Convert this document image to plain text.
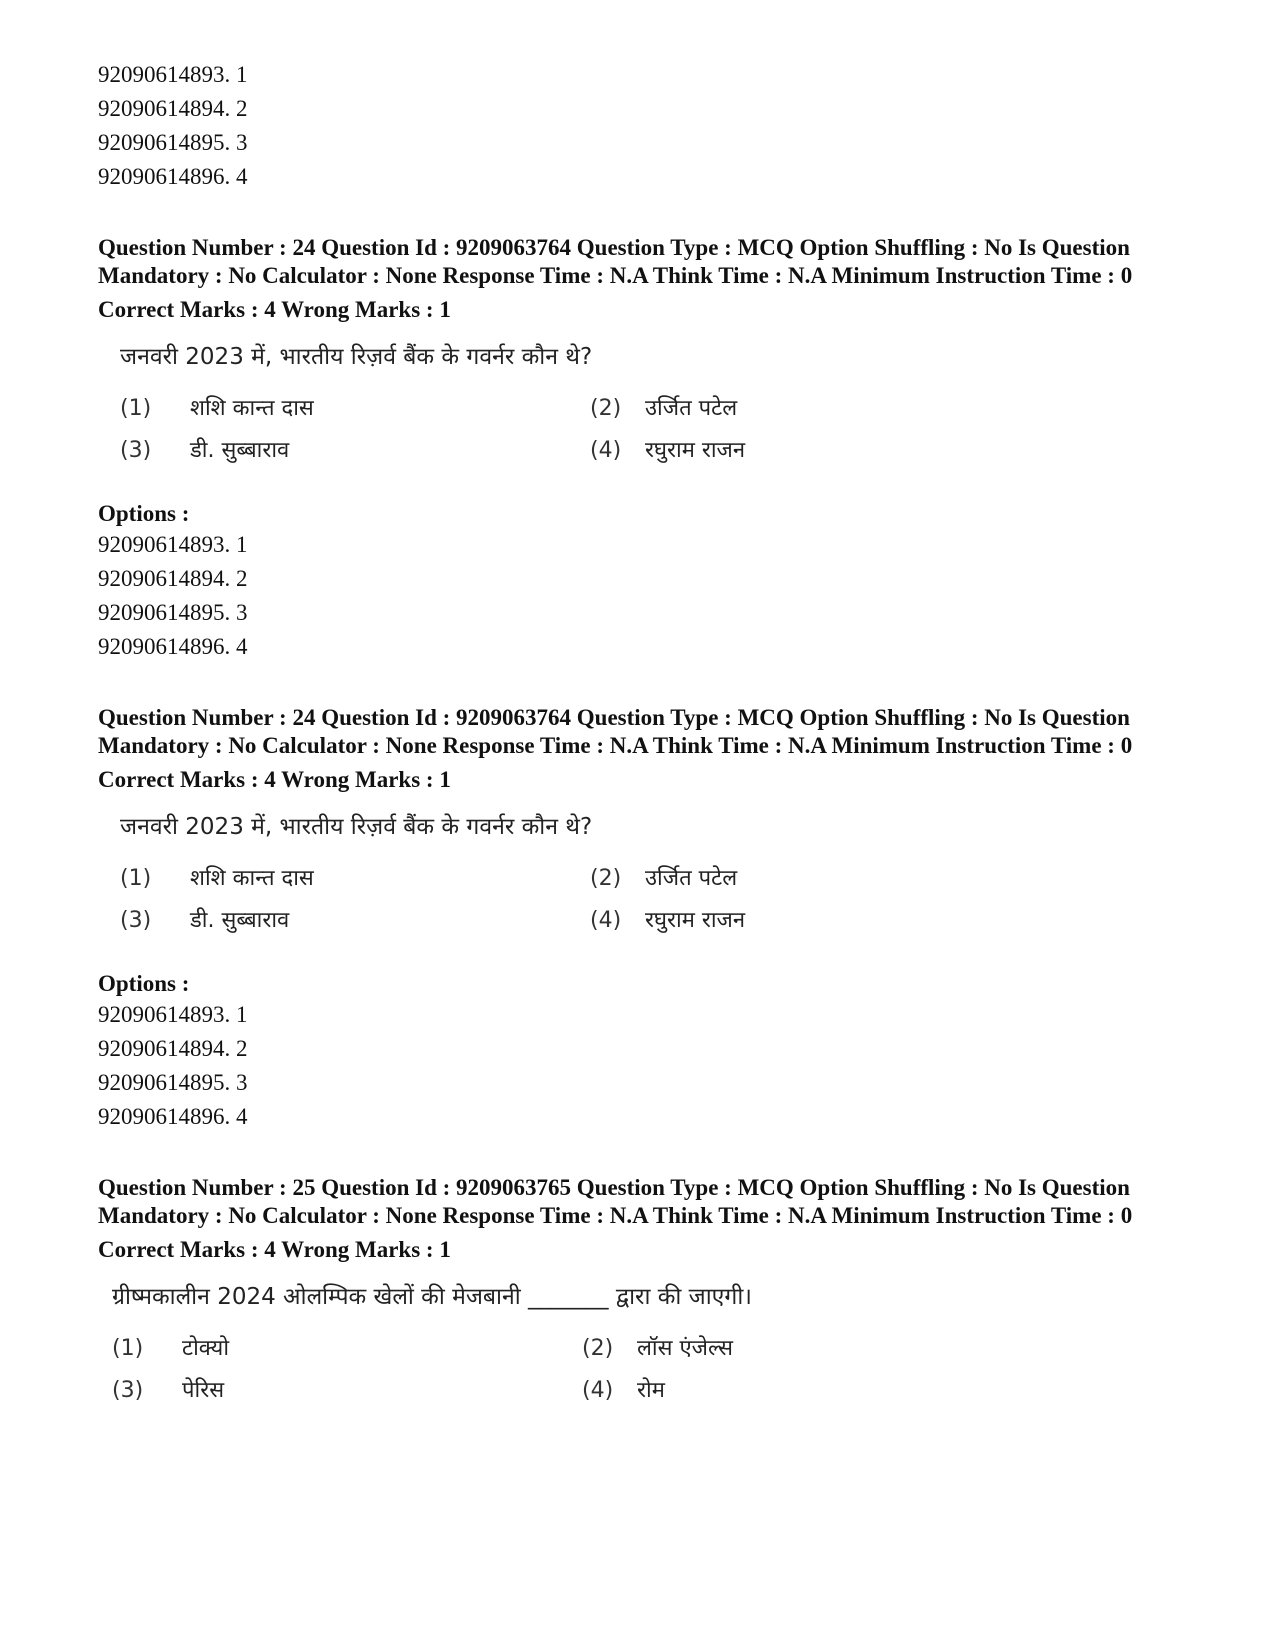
92090614893. 1
92090614894. 2
92090614895. 3
92090614896. 4
Question Number : 24 Question Id : 9209063764 Question Type : MCQ Option Shuffling : No Is Question Mandatory : No Calculator : None Response Time : N.A Think Time : N.A Minimum Instruction Time : 0
Correct Marks : 4 Wrong Marks : 1
जनवरी 2023 में, भारतीय रिज़र्व बैंक के गवर्नर कौन थे?
(1)	शशि कान्त दास	(2)	उर्जित पटेल
(3)	डी. सुब्बाराव	(4)	रघुराम राजन
Options :
92090614893. 1
92090614894. 2
92090614895. 3
92090614896. 4
Question Number : 24 Question Id : 9209063764 Question Type : MCQ Option Shuffling : No Is Question Mandatory : No Calculator : None Response Time : N.A Think Time : N.A Minimum Instruction Time : 0
Correct Marks : 4 Wrong Marks : 1
जनवरी 2023 में, भारतीय रिज़र्व बैंक के गवर्नर कौन थे?
(1)	शशि कान्त दास	(2)	उर्जित पटेल
(3)	डी. सुब्बाराव	(4)	रघुराम राजन
Options :
92090614893. 1
92090614894. 2
92090614895. 3
92090614896. 4
Question Number : 25 Question Id : 9209063765 Question Type : MCQ Option Shuffling : No Is Question Mandatory : No Calculator : None Response Time : N.A Think Time : N.A Minimum Instruction Time : 0
Correct Marks : 4 Wrong Marks : 1
ग्रीष्मकालीन 2024 ओलम्पिक खेलों की मेजबानी _______ द्वारा की जाएगी।
(1)	टोक्यो	(2)	लॉस एंजेल्स
(3)	पेरिस	(4)	रोम
